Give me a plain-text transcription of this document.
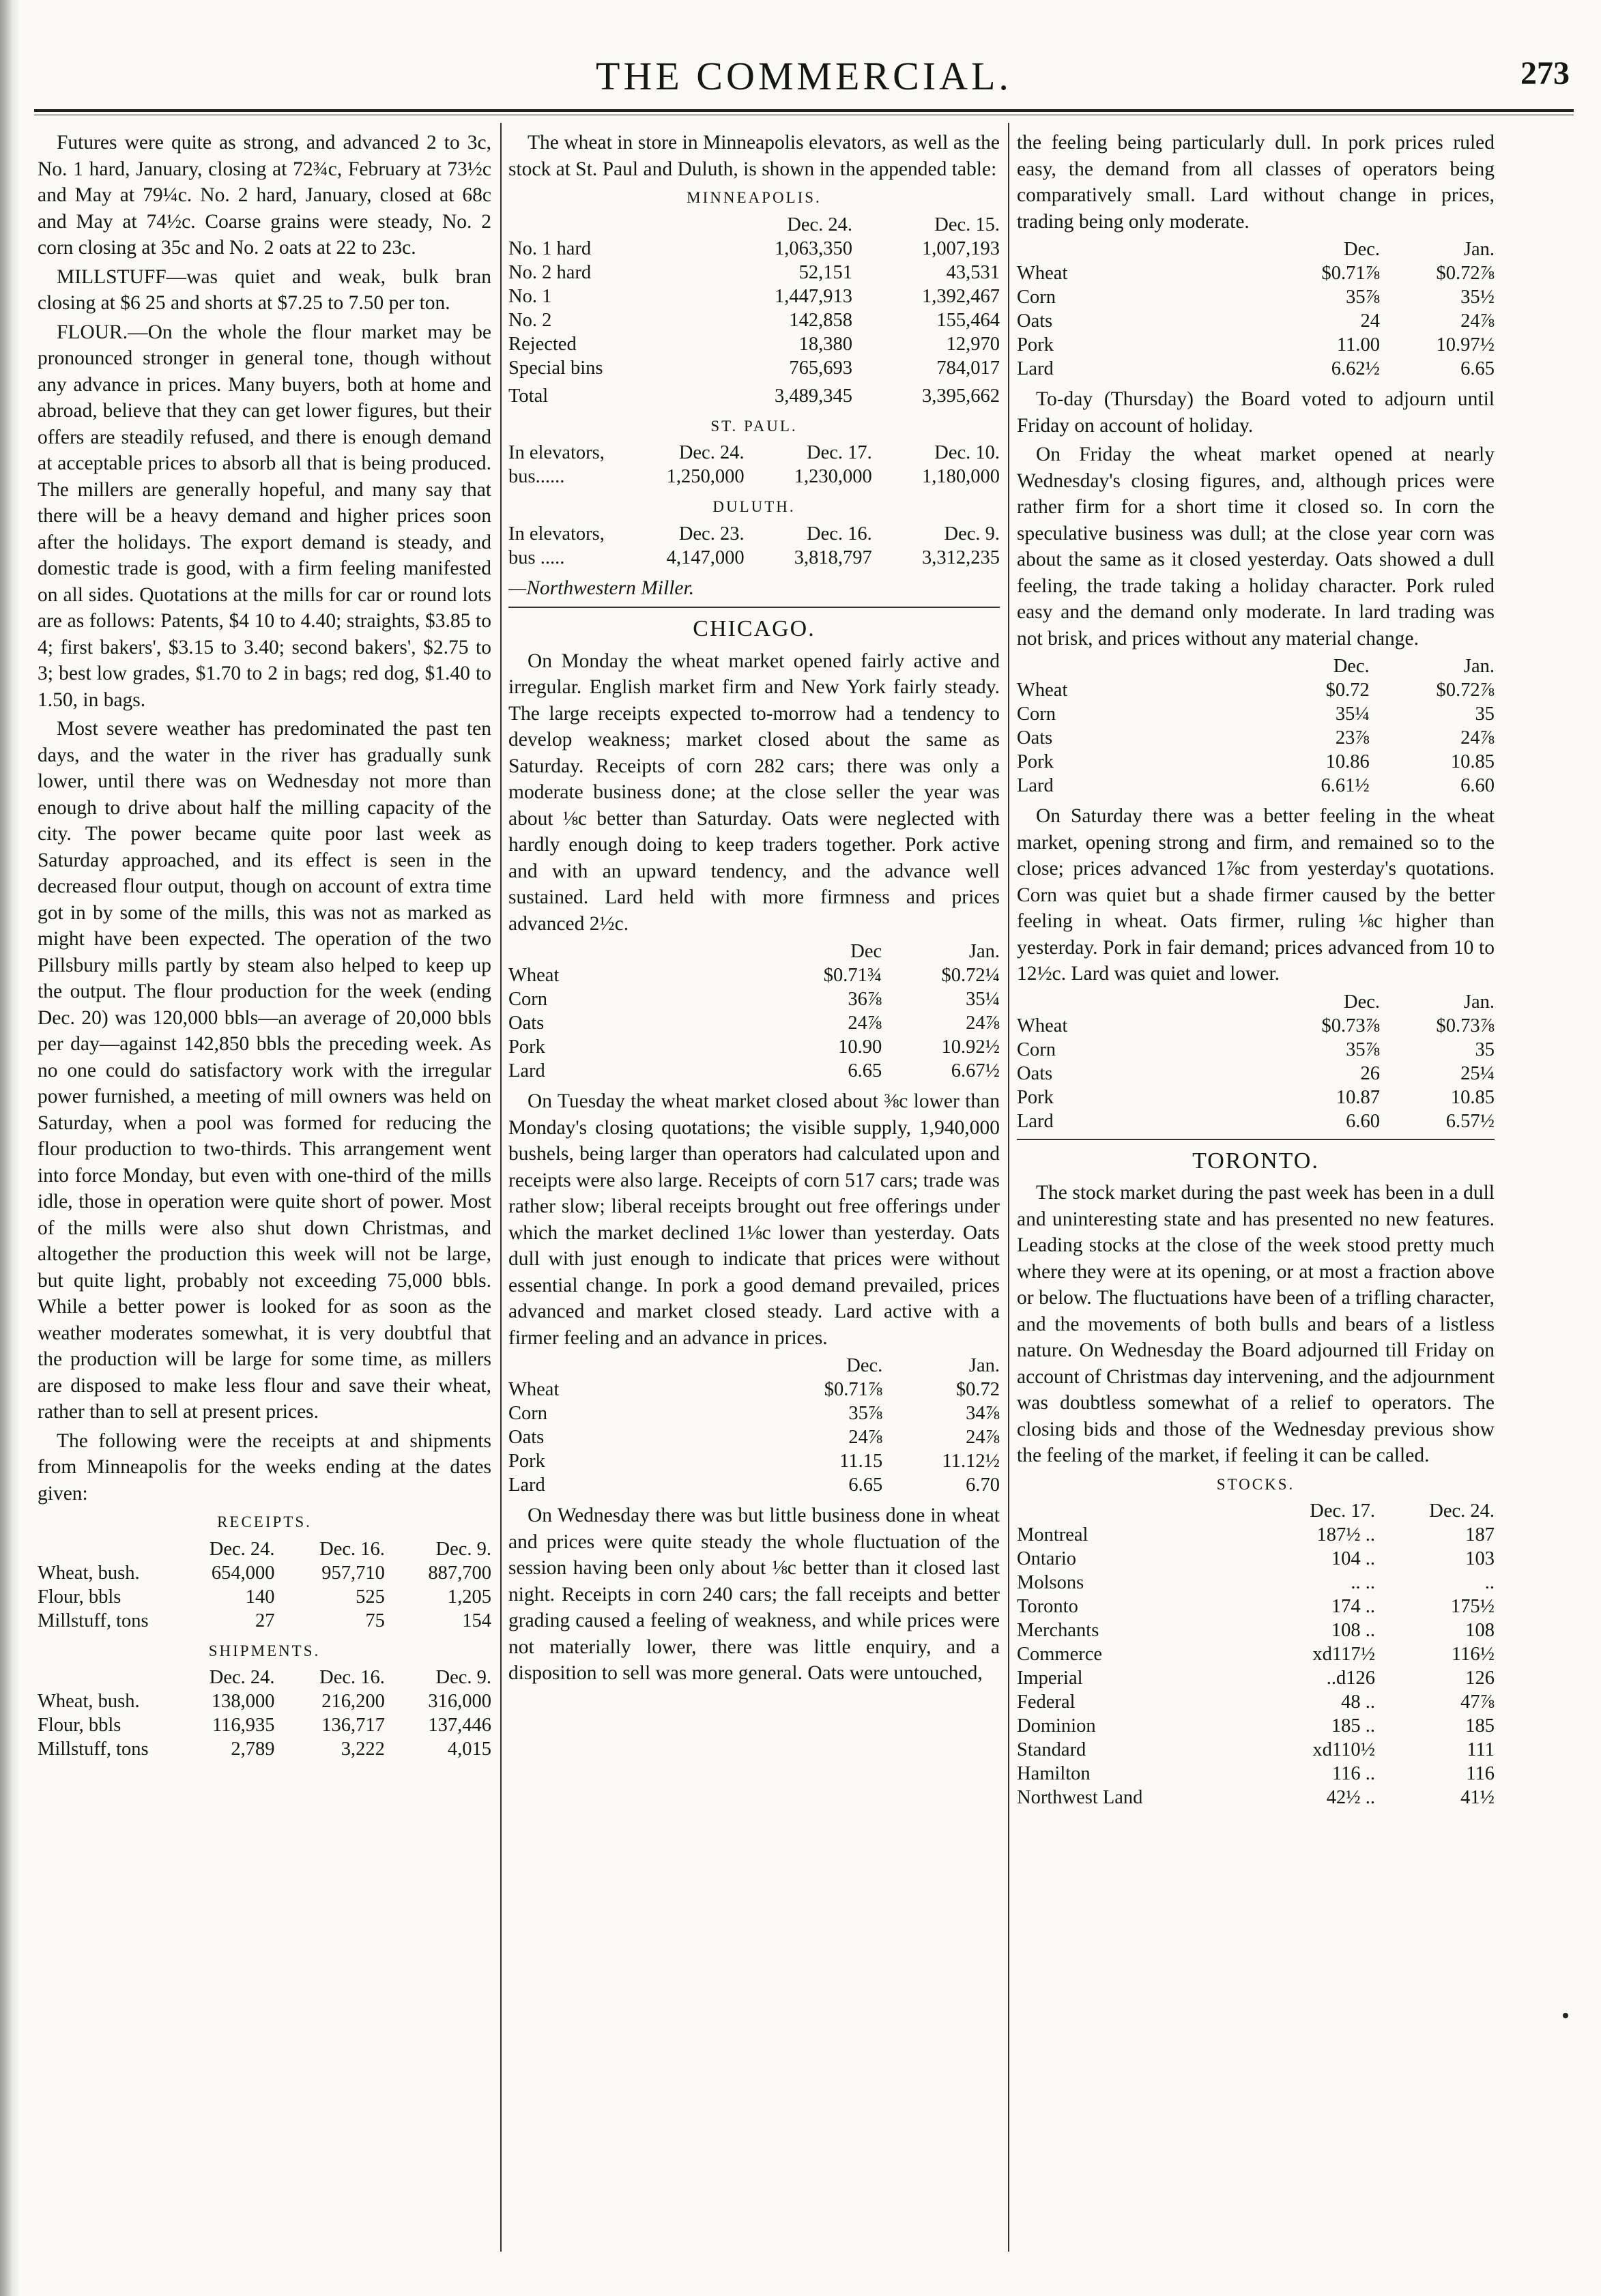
THE COMMERCIAL.	273

Futures were quite as strong, and advanced 2 to 3c, No. 1 hard, January, closing at 72¾c, February at 73½c and May at 79¼c. No. 2 hard, January, closed at 68c and May at 74½c. Coarse grains were steady, No. 2 corn closing at 35c and No. 2 oats at 22 to 23c.

MILLSTUFF—was quiet and weak, bulk bran closing at $6 25 and shorts at $7.25 to 7.50 per ton.

FLOUR.—On the whole the flour market may be pronounced stronger in general tone, though without any advance in prices. Many buyers, both at home and abroad, believe that they can get lower figures, but their offers are steadily refused, and there is enough demand at acceptable prices to absorb all that is being produced. The millers are generally hopeful, and many say that there will be a heavy demand and higher prices soon after the holidays. The export demand is steady, and domestic trade is good, with a firm feeling manifested on all sides. Quotations at the mills for car or round lots are as follows: Patents, $4 10 to 4.40; straights, $3.85 to 4; first bakers', $3.15 to 3.40; second bakers', $2.75 to 3; best low grades, $1.70 to 2 in bags; red dog, $1.40 to 1.50, in bags.

Most severe weather has predominated the past ten days, and the water in the river has gradually sunk lower, until there was on Wednesday not more than enough to drive about half the milling capacity of the city. The power became quite poor last week as Saturday approached, and its effect is seen in the decreased flour output, though on account of extra time got in by some of the mills, this was not as marked as might have been expected. The operation of the two Pillsbury mills partly by steam also helped to keep up the output. The flour production for the week (ending Dec. 20) was 120,000 bbls—an average of 20,000 bbls per day—against 142,850 bbls the preceding week. As no one could do satisfactory work with the irregular power furnished, a meeting of mill owners was held on Saturday, when a pool was formed for reducing the flour production to two-thirds. This arrangement went into force Monday, but even with one-third of the mills idle, those in operation were quite short of power. Most of the mills were also shut down Christmas, and altogether the production this week will not be large, but quite light, probably not exceeding 75,000 bbls. While a better power is looked for as soon as the weather moderates somewhat, it is very doubtful that the production will be large for some time, as millers are disposed to make less flour and save their wheat, rather than to sell at present prices.

The following were the receipts at and shipments from Minneapolis for the weeks ending at the dates given:

RECEIPTS.
	Dec. 24.	Dec. 16.	Dec. 9.
Wheat, bush.	654,000	957,710	887,700
Flour, bbls	140	525	1,205
Millstuff, tons	27	75	154
SHIPMENTS.
	Dec. 24.	Dec. 16.	Dec. 9.
Wheat, bush.	138,000	216,200	316,000
Flour, bbls	116,935	136,717	137,446
Millstuff, tons	2,789	3,222	4,015

The wheat in store in Minneapolis elevators, as well as the stock at St. Paul and Duluth, is shown in the appended table:

MINNEAPOLIS.
	Dec. 24.	Dec. 15.
No. 1 hard	1,063,350	1,007,193
No. 2 hard	52,151	43,531
No. 1	1,447,913	1,392,467
No. 2	142,858	155,464
Rejected	18,380	12,970
Special bins	765,693	784,017
Total	3,489,345	3,395,662
ST. PAUL.
In elevators,	Dec. 24.	Dec. 17.	Dec. 10.
bus......	1,250,000	1,230,000	1,180,000
DULUTH.
In elevators,	Dec. 23.	Dec. 16.	Dec. 9.
bus .....	4,147,000	3,818,797	3,312,235

—Northwestern Miller.

CHICAGO.

On Monday the wheat market opened fairly active and irregular. English market firm and New York fairly steady. The large receipts expected to-morrow had a tendency to develop weakness; market closed about the same as Saturday. Receipts of corn 282 cars; there was only a moderate business done; at the close seller the year was about ⅛c better than Saturday. Oats were neglected with hardly enough doing to keep traders together. Pork active and with an upward tendency, and the advance well sustained. Lard held with more firmness and prices advanced 2½c.

	Dec	Jan.
Wheat	$0.71¾	$0.72¼
Corn	36⅞	35¼
Oats	24⅞	24⅞
Pork	10.90	10.92½
Lard	6.65	6.67½

On Tuesday the wheat market closed about ⅜c lower than Monday's closing quotations; the visible supply, 1,940,000 bushels, being larger than operators had calculated upon and receipts were also large. Receipts of corn 517 cars; trade was rather slow; liberal receipts brought out free offerings under which the market declined 1⅛c lower than yesterday. Oats dull with just enough to indicate that prices were without essential change. In pork a good demand prevailed, prices advanced and market closed steady. Lard active with a firmer feeling and an advance in prices.

	Dec.	Jan.
Wheat	$0.71⅞	$0.72
Corn	35⅞	34⅞
Oats	24⅞	24⅞
Pork	11.15	11.12½
Lard	6.65	6.70

On Wednesday there was but little business done in wheat and prices were quite steady the whole fluctuation of the session having been only about ⅛c better than it closed last night. Receipts in corn 240 cars; the fall receipts and better grading caused a feeling of weakness, and while prices were not materially lower, there was little enquiry, and a disposition to sell was more general. Oats were untouched,

the feeling being particularly dull. In pork prices ruled easy, the demand from all classes of operators being comparatively small. Lard without change in prices, trading being only moderate.

	Dec.	Jan.
Wheat	$0.71⅞	$0.72⅞
Corn	35⅞	35½
Oats	24	24⅞
Pork	11.00	10.97½
Lard	6.62½	6.65

To-day (Thursday) the Board voted to adjourn until Friday on account of holiday.

On Friday the wheat market opened at nearly Wednesday's closing figures, and, although prices were rather firm for a short time it closed so. In corn the speculative business was dull; at the close year corn was about the same as it closed yesterday. Oats showed a dull feeling, the trade taking a holiday character. Pork ruled easy and the demand only moderate. In lard trading was not brisk, and prices without any material change.

	Dec.	Jan.
Wheat	$0.72	$0.72⅞
Corn	35¼	35
Oats	23⅞	24⅞
Pork	10.86	10.85
Lard	6.61½	6.60

On Saturday there was a better feeling in the wheat market, opening strong and firm, and remained so to the close; prices advanced 1⅞c from yesterday's quotations. Corn was quiet but a shade firmer caused by the better feeling in wheat. Oats firmer, ruling ⅛c higher than yesterday. Pork in fair demand; prices advanced from 10 to 12½c. Lard was quiet and lower.

	Dec.	Jan.
Wheat	$0.73⅞	$0.73⅞
Corn	35⅞	35
Oats	26	25¼
Pork	10.87	10.85
Lard	6.60	6.57½
TORONTO.

The stock market during the past week has been in a dull and uninteresting state and has presented no new features. Leading stocks at the close of the week stood pretty much where they were at its opening, or at most a fraction above or below. The fluctuations have been of a trifling character, and the movements of both bulls and bears of a listless nature. On Wednesday the Board adjourned till Friday on account of Christmas day intervening, and the adjournment was doubtless somewhat of a relief to operators. The closing bids and those of the Wednesday previous show the feeling of the market, if feeling it can be called.

STOCKS.
	Dec. 17.	Dec. 24.
Montreal	187½ ..	187
Ontario	104 ..	103
Molsons	.. ..	..
Toronto	174 ..	175½
Merchants	108 ..	108
Commerce	xd117½	116½
Imperial	..d126	126
Federal	48 ..	47⅞
Dominion	185 ..	185
Standard	xd110½	111
Hamilton	116 ..	116
Northwest Land	42½ ..	41½
